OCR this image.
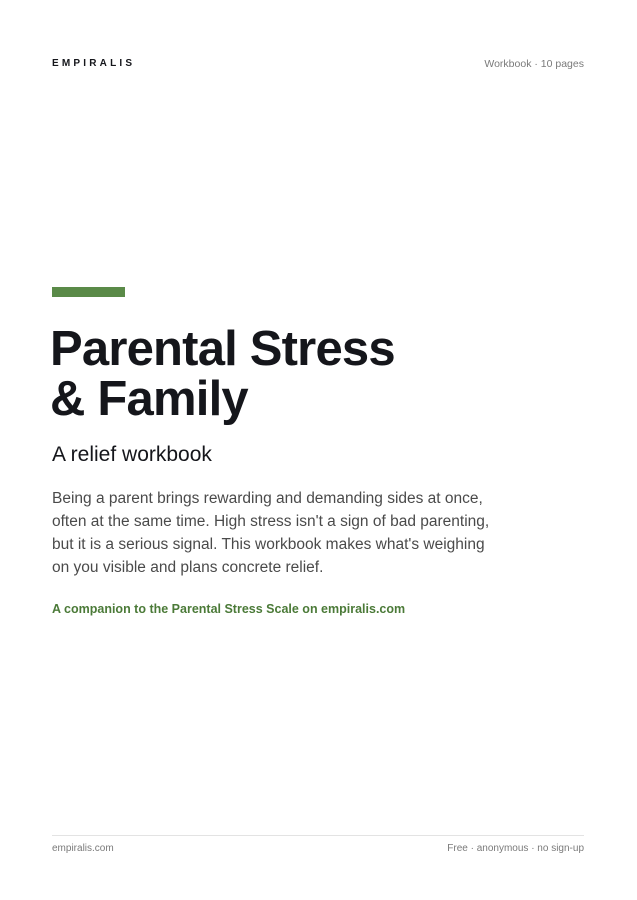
EMPIRALIS	Workbook · 10 pages
Parental Stress
& Family
A relief workbook

Being a parent brings rewarding and demanding sides at once, often at the same time. High stress isn't a sign of bad parenting, but it is a serious signal. This workbook makes what's weighing on you visible and plans concrete relief.

A companion to the Parental Stress Scale on empiralis.com
empiralis.com	Free · anonymous · no sign-up
